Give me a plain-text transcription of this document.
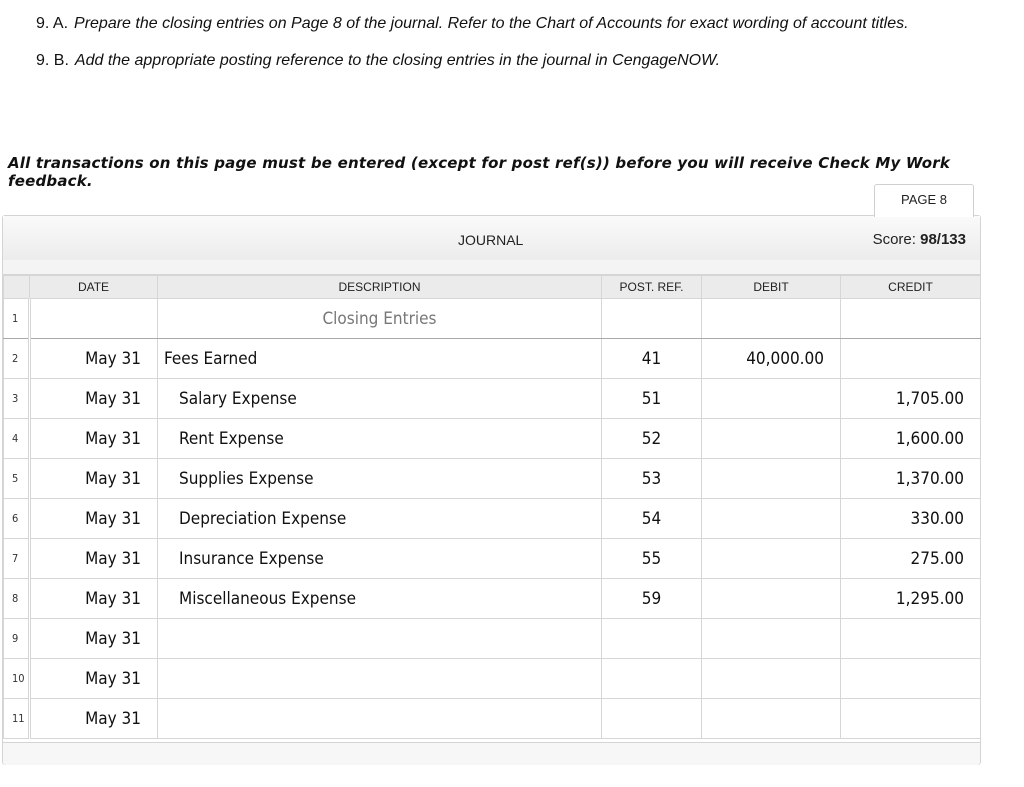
9. A. Prepare the closing entries on Page 8 of the journal. Refer to the Chart of Accounts for exact wording of account titles.
9. B. Add the appropriate posting reference to the closing entries in the journal in CengageNOW.
All transactions on this page must be entered (except for post ref(s)) before you will receive Check My Work feedback.
PAGE 8
JOURNAL	Score: 98/133
	DATE	DESCRIPTION	POST. REF.	DEBIT	CREDIT
1		Closing Entries			
2	May 31	Fees Earned	41	40,000.00	
3	May 31	Salary Expense	51		1,705.00
4	May 31	Rent Expense	52		1,600.00
5	May 31	Supplies Expense	53		1,370.00
6	May 31	Depreciation Expense	54		330.00
7	May 31	Insurance Expense	55		275.00
8	May 31	Miscellaneous Expense	59		1,295.00
9	May 31				
10	May 31				
11	May 31				
